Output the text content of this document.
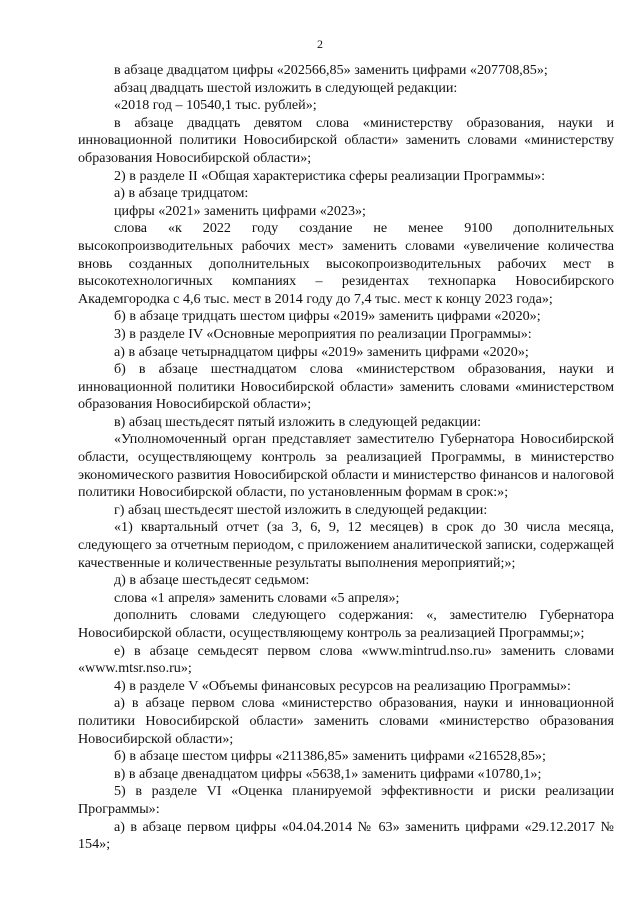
2

в абзаце двадцатом цифры «202566,85» заменить цифрами «207708,85»;

абзац двадцать шестой изложить в следующей редакции:

«2018 год – 10540,1 тыс. рублей»;

в абзаце двадцать девятом слова «министерству образования, науки и инновационной политики Новосибирской области» заменить словами «министерству образования Новосибирской области»;

2) в разделе II «Общая характеристика сферы реализации Программы»:

а) в абзаце тридцатом:

цифры «2021» заменить цифрами «2023»;

слова «к 2022 году создание не менее 9100 дополнительных высокопроизводительных рабочих мест» заменить словами «увеличение количества вновь созданных дополнительных высокопроизводительных рабочих мест в высокотехнологичных компаниях – резидентах технопарка Новосибирского Академгородка с 4,6 тыс. мест в 2014 году до 7,4 тыс. мест к концу 2023 года»;

б) в абзаце тридцать шестом цифры «2019» заменить цифрами «2020»;

3) в разделе IV «Основные мероприятия по реализации Программы»:

а) в абзаце четырнадцатом цифры «2019» заменить цифрами «2020»;

б) в абзаце шестнадцатом слова «министерством образования, науки и инновационной политики Новосибирской области» заменить словами «министерством образования Новосибирской области»;

в) абзац шестьдесят пятый изложить в следующей редакции:

«Уполномоченный орган представляет заместителю Губернатора Новосибирской области, осуществляющему контроль за реализацией Программы, в министерство экономического развития Новосибирской области и министерство финансов и налоговой политики Новосибирской области, по установленным формам в срок:»;

г) абзац шестьдесят шестой изложить в следующей редакции:

«1) квартальный отчет (за 3, 6, 9, 12 месяцев) в срок до 30 числа месяца, следующего за отчетным периодом, с приложением аналитической записки, содержащей качественные и количественные результаты выполнения мероприятий;»;

д) в абзаце шестьдесят седьмом:

слова «1 апреля» заменить словами «5 апреля»;

дополнить словами следующего содержания: «, заместителю Губернатора Новосибирской области, осуществляющему контроль за реализацией Программы;»;

е) в абзаце семьдесят первом слова «www.mintrud.nso.ru» заменить словами «www.mtsr.nso.ru»;

4) в разделе V «Объемы финансовых ресурсов на реализацию Программы»:

а) в абзаце первом слова «министерство образования, науки и инновационной политики Новосибирской области» заменить словами «министерство образования Новосибирской области»;

б) в абзаце шестом цифры «211386,85» заменить цифрами «216528,85»;

в) в абзаце двенадцатом цифры «5638,1» заменить цифрами «10780,1»;

5) в разделе VI «Оценка планируемой эффективности и риски реализации Программы»:

а) в абзаце первом цифры «04.04.2014 № 63» заменить цифрами «29.12.2017 № 154»;
